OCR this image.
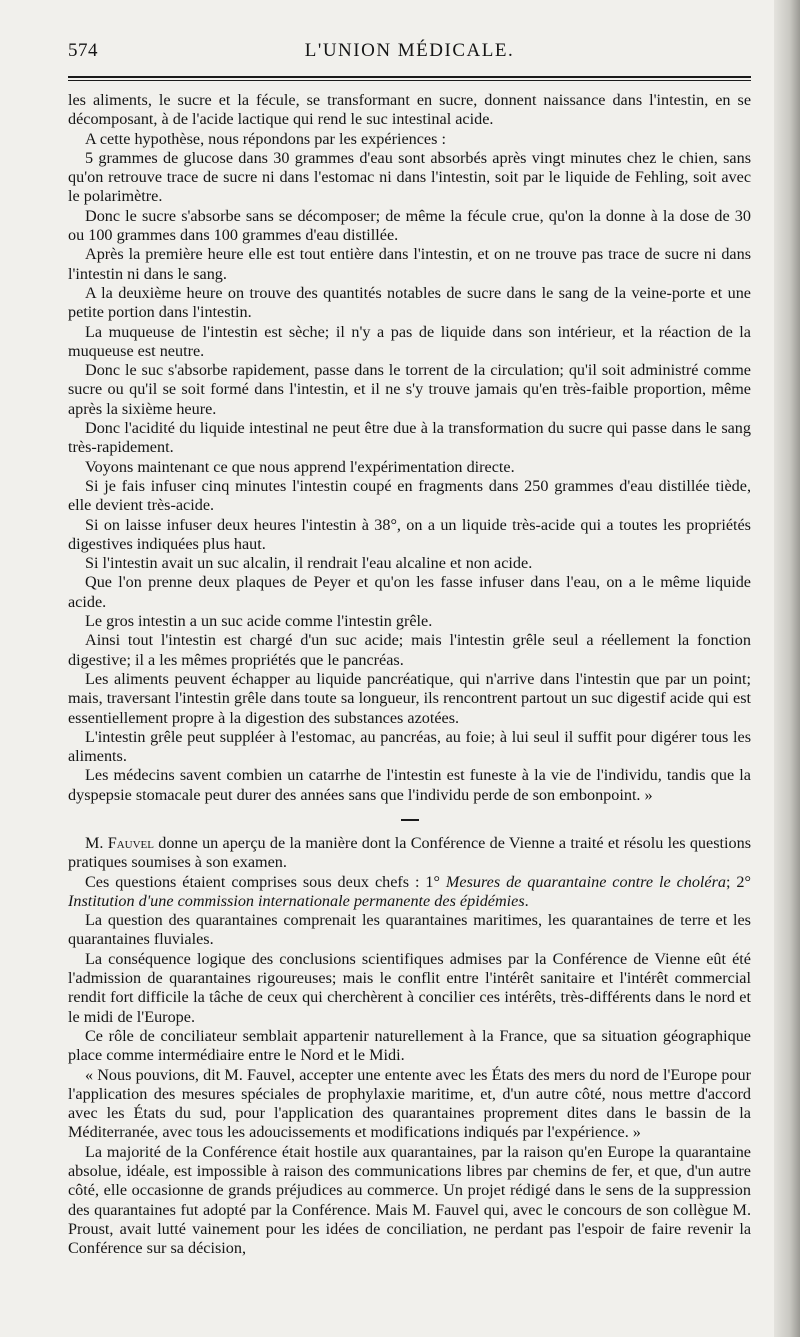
574	L'UNION MÉDICALE.

les aliments, le sucre et la fécule, se transformant en sucre, donnent naissance dans l'intestin, en se décomposant, à de l'acide lactique qui rend le suc intestinal acide.

A cette hypothèse, nous répondons par les expériences :

5 grammes de glucose dans 30 grammes d'eau sont absorbés après vingt minutes chez le chien, sans qu'on retrouve trace de sucre ni dans l'estomac ni dans l'intestin, soit par le liquide de Fehling, soit avec le polarimètre.

Donc le sucre s'absorbe sans se décomposer; de même la fécule crue, qu'on la donne à la dose de 30 ou 100 grammes dans 100 grammes d'eau distillée.

Après la première heure elle est tout entière dans l'intestin, et on ne trouve pas trace de sucre ni dans l'intestin ni dans le sang.

A la deuxième heure on trouve des quantités notables de sucre dans le sang de la veine-porte et une petite portion dans l'intestin.

La muqueuse de l'intestin est sèche; il n'y a pas de liquide dans son intérieur, et la réaction de la muqueuse est neutre.

Donc le suc s'absorbe rapidement, passe dans le torrent de la circulation; qu'il soit administré comme sucre ou qu'il se soit formé dans l'intestin, et il ne s'y trouve jamais qu'en très-faible proportion, même après la sixième heure.

Donc l'acidité du liquide intestinal ne peut être due à la transformation du sucre qui passe dans le sang très-rapidement.

Voyons maintenant ce que nous apprend l'expérimentation directe.

Si je fais infuser cinq minutes l'intestin coupé en fragments dans 250 grammes d'eau distillée tiède, elle devient très-acide.

Si on laisse infuser deux heures l'intestin à 38°, on a un liquide très-acide qui a toutes les propriétés digestives indiquées plus haut.

Si l'intestin avait un suc alcalin, il rendrait l'eau alcaline et non acide.

Que l'on prenne deux plaques de Peyer et qu'on les fasse infuser dans l'eau, on a le même liquide acide.

Le gros intestin a un suc acide comme l'intestin grêle.

Ainsi tout l'intestin est chargé d'un suc acide; mais l'intestin grêle seul a réellement la fonction digestive; il a les mêmes propriétés que le pancréas.

Les aliments peuvent échapper au liquide pancréatique, qui n'arrive dans l'intestin que par un point; mais, traversant l'intestin grêle dans toute sa longueur, ils rencontrent partout un suc digestif acide qui est essentiellement propre à la digestion des substances azotées.

L'intestin grêle peut suppléer à l'estomac, au pancréas, au foie; à lui seul il suffit pour digérer tous les aliments.

Les médecins savent combien un catarrhe de l'intestin est funeste à la vie de l'individu, tandis que la dyspepsie stomacale peut durer des années sans que l'individu perde de son embonpoint. »

M. Fauvel donne un aperçu de la manière dont la Conférence de Vienne a traité et résolu les questions pratiques soumises à son examen.

Ces questions étaient comprises sous deux chefs : 1° Mesures de quarantaine contre le choléra; 2° Institution d'une commission internationale permanente des épidémies.

La question des quarantaines comprenait les quarantaines maritimes, les quarantaines de terre et les quarantaines fluviales.

La conséquence logique des conclusions scientifiques admises par la Conférence de Vienne eût été l'admission de quarantaines rigoureuses; mais le conflit entre l'intérêt sanitaire et l'intérêt commercial rendit fort difficile la tâche de ceux qui cherchèrent à concilier ces intérêts, très-différents dans le nord et le midi de l'Europe.

Ce rôle de conciliateur semblait appartenir naturellement à la France, que sa situation géographique place comme intermédiaire entre le Nord et le Midi.

« Nous pouvions, dit M. Fauvel, accepter une entente avec les États des mers du nord de l'Europe pour l'application des mesures spéciales de prophylaxie maritime, et, d'un autre côté, nous mettre d'accord avec les États du sud, pour l'application des quarantaines proprement dites dans le bassin de la Méditerranée, avec tous les adoucissements et modifications indiqués par l'expérience. »

La majorité de la Conférence était hostile aux quarantaines, par la raison qu'en Europe la quarantaine absolue, idéale, est impossible à raison des communications libres par chemins de fer, et que, d'un autre côté, elle occasionne de grands préjudices au commerce. Un projet rédigé dans le sens de la suppression des quarantaines fut adopté par la Conférence. Mais M. Fauvel qui, avec le concours de son collègue M. Proust, avait lutté vainement pour les idées de conciliation, ne perdant pas l'espoir de faire revenir la Conférence sur sa décision,
